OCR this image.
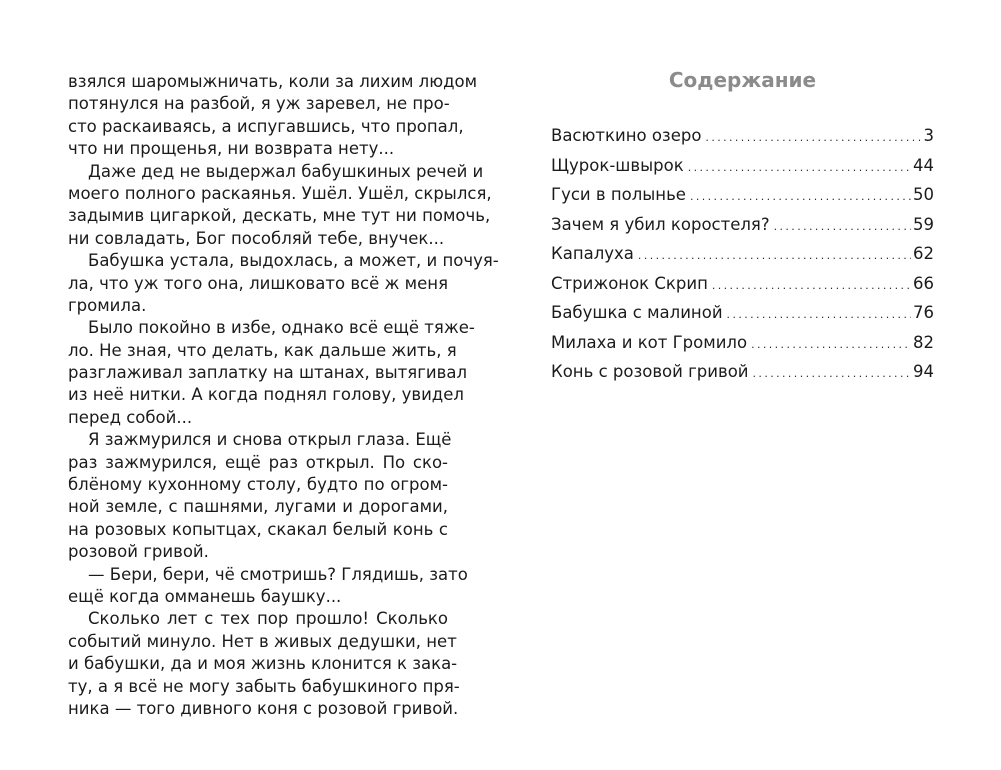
взялся шаромыжничать, коли за лихим людом
потянулся на разбой, я уж заревел, не про-
сто раскаиваясь, а испугавшись, что пропал,
что ни прощенья, ни возврата нету...
Даже дед не выдержал бабушкиных речей и
моего полного раскаянья. Ушёл. Ушёл, скрылся,
задымив цигаркой, дескать, мне тут ни помочь,
ни совладать, Бог пособляй тебе, внучек...
Бабушка устала, выдохлась, а может, и почуя-
ла, что уж того она, лишковато всё ж меня
громила.
Было покойно в избе, однако всё ещё тяже-
ло. Не зная, что делать, как дальше жить, я
разглаживал заплатку на штанах, вытягивал
из неё нитки. А когда поднял голову, увидел
перед собой...
Я зажмурился и снова открыл глаза. Ещё
раз зажмурился, ещё раз открыл. По ско-
блёному кухонному столу, будто по огром-
ной земле, с пашнями, лугами и дорогами,
на розовых копытцах, скакал белый конь с
розовой гривой.
— Бери, бери, чё смотришь? Глядишь, зато
ещё когда омманешь баушку...
Сколько лет с тех пор прошло! Сколько
событий минуло. Нет в живых дедушки, нет
и бабушки, да и моя жизнь клонится к зака-
ту, а я всё не могу забыть бабушкиного пря-
ника — того дивного коня с розовой гривой.
Содержание
Васюткино озеро .....	3
Щурок-швырок .....	44
Гуси в полынье .....	50
Зачем я убил коростеля? .....	59
Капалуха .....	62
Стрижонок Скрип .....	66
Бабушка с малиной .....	76
Милаха и кот Громило .....	82
Конь с розовой гривой .....	94
